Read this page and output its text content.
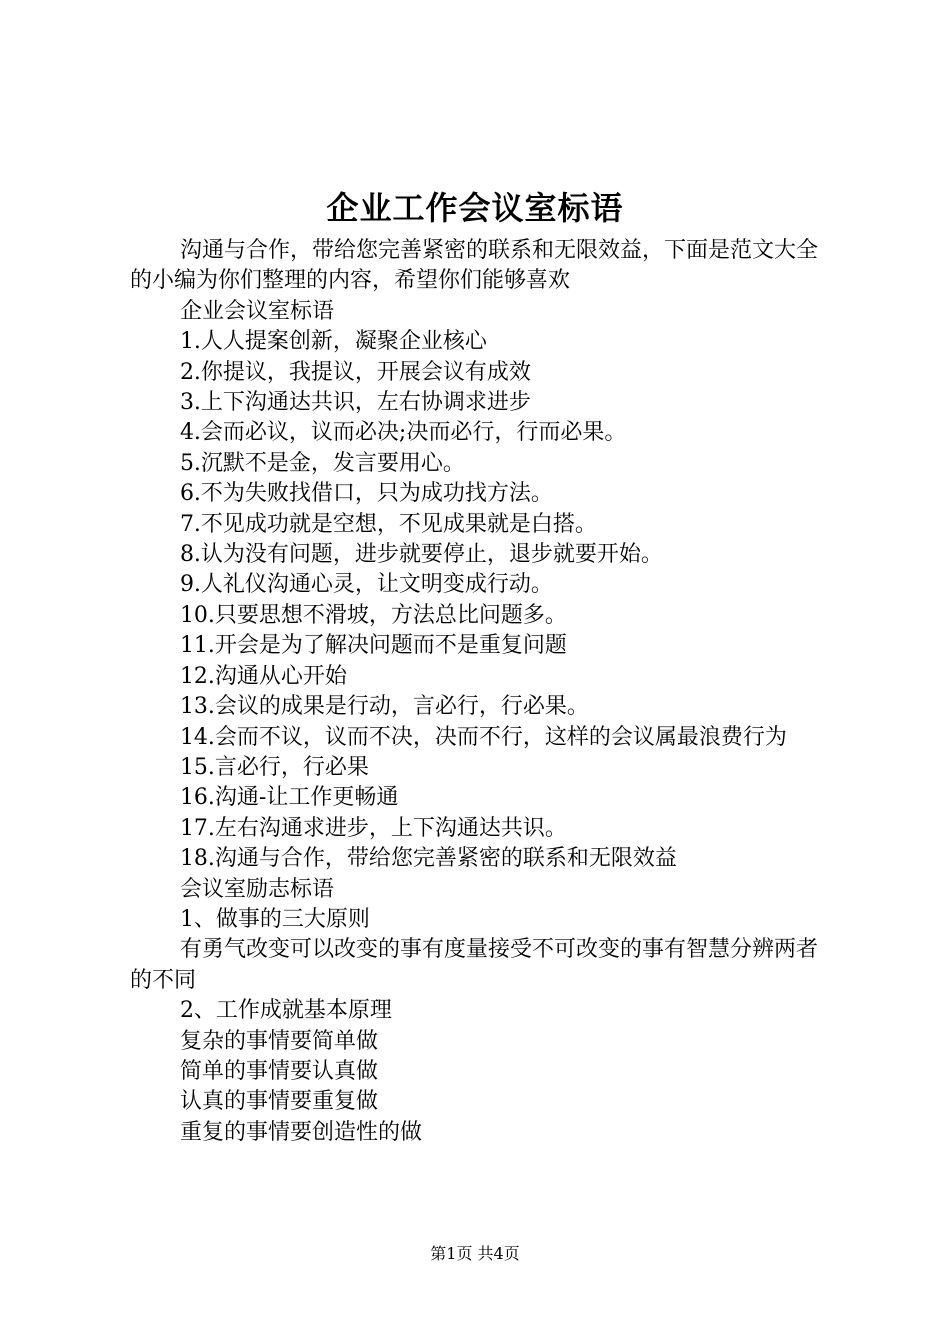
企业工作会议室标语

沟通与合作，带给您完善紧密的联系和无限效益，下面是范文大全的小编为你们整理的内容，希望你们能够喜欢

企业会议室标语

1.人人提案创新，凝聚企业核心

2.你提议，我提议，开展会议有成效

3.上下沟通达共识，左右协调求进步

4.会而必议，议而必决;决而必行，行而必果。

5.沉默不是金，发言要用心。

6.不为失败找借口，只为成功找方法。

7.不见成功就是空想，不见成果就是白搭。

8.认为没有问题，进步就要停止，退步就要开始。

9.人礼仪沟通心灵，让文明变成行动。

10.只要思想不滑坡，方法总比问题多。

11.开会是为了解决问题而不是重复问题

12.沟通从心开始

13.会议的成果是行动，言必行，行必果。

14.会而不议，议而不决，决而不行，这样的会议属最浪费行为

15.言必行，行必果

16.沟通-让工作更畅通

17.左右沟通求进步，上下沟通达共识。

18.沟通与合作，带给您完善紧密的联系和无限效益

会议室励志标语

1、做事的三大原则

有勇气改变可以改变的事有度量接受不可改变的事有智慧分辨两者的不同

2、工作成就基本原理

复杂的事情要简单做

简单的事情要认真做

认真的事情要重复做

重复的事情要创造性的做

第1页 共4页
